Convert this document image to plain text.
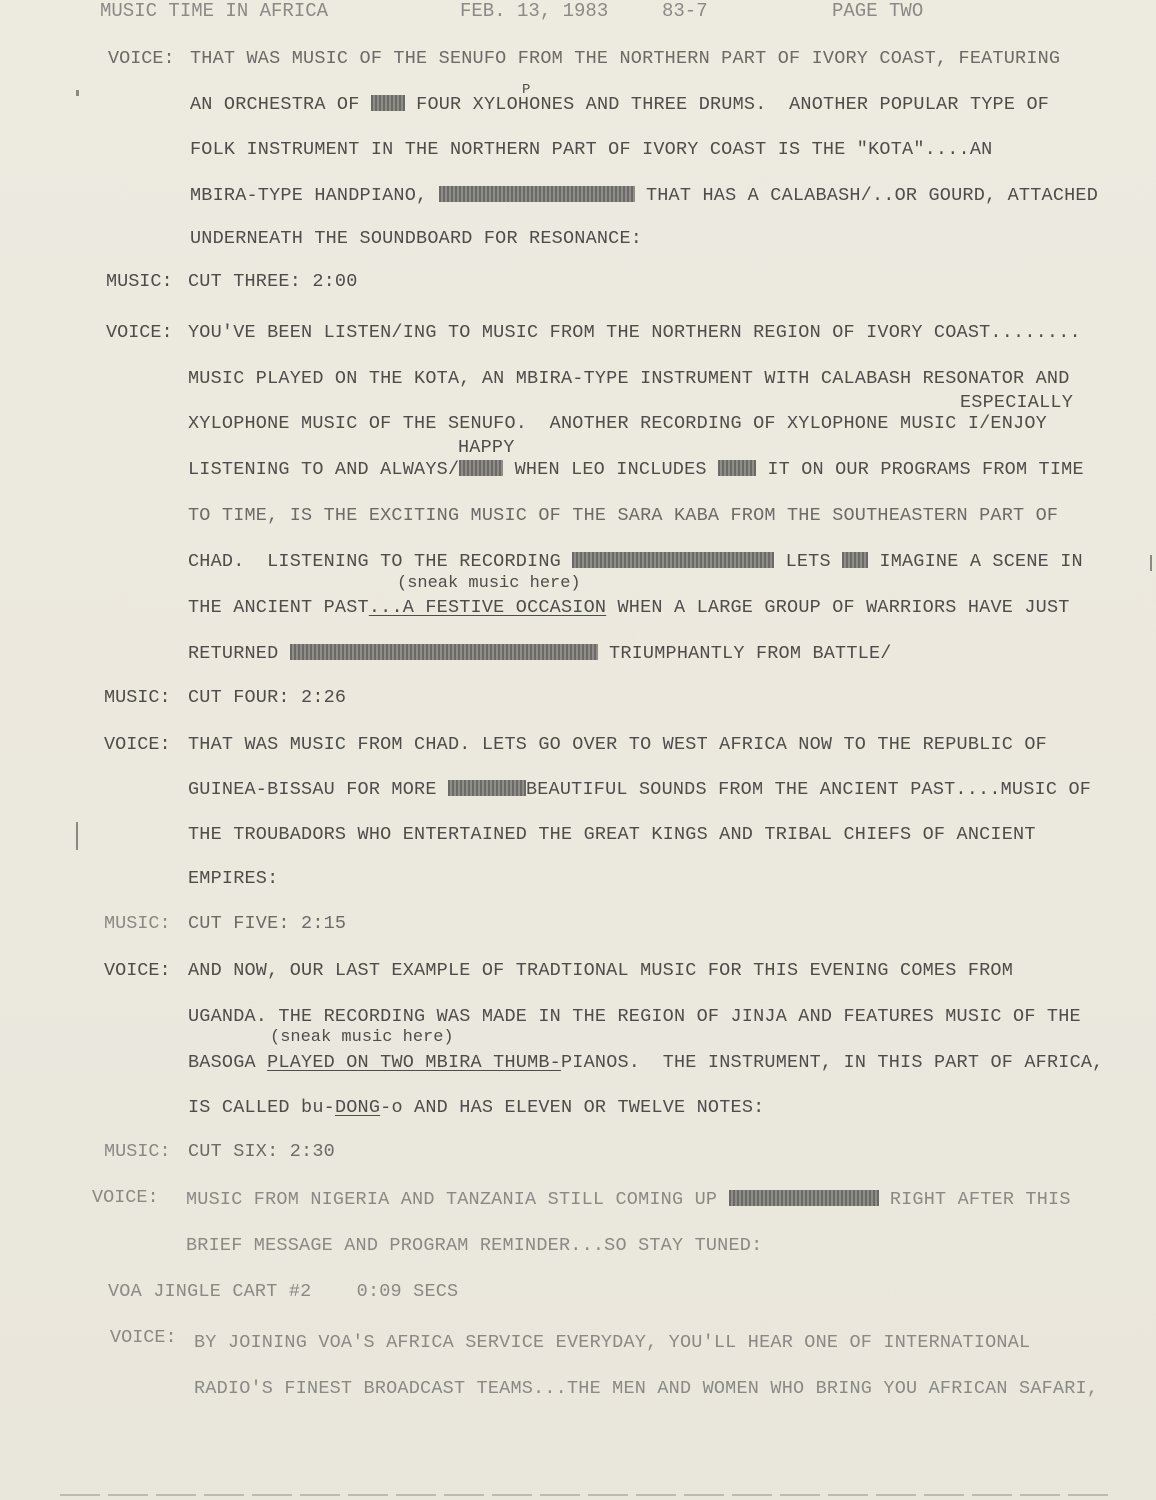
MUSIC TIME IN AFRICA	FEB. 13, 1983	83-7	PAGE TWO
VOICE: THAT WAS MUSIC OF THE SENUFO FROM THE NORTHERN PART OF IVORY COAST, FEATURING
P
AN ORCHESTRA OF  FOUR XYLOHONES AND THREE DRUMS.  ANOTHER POPULAR TYPE OF
FOLK INSTRUMENT IN THE NORTHERN PART OF IVORY COAST IS THE "KOTA"....AN
MBIRA-TYPE HANDPIANO,	THAT HAS A CALABASH/..OR GOURD, ATTACHED
UNDERNEATH THE SOUNDBOARD FOR RESONANCE:
MUSIC: CUT THREE: 2:00
VOICE: YOU'VE BEEN LISTEN/ING TO MUSIC FROM THE NORTHERN REGION OF IVORY COAST........
MUSIC PLAYED ON THE KOTA, AN MBIRA-TYPE INSTRUMENT WITH CALABASH RESONATOR AND
ESPECIALLY
XYLOPHONE MUSIC OF THE SENUFO.  ANOTHER RECORDING OF XYLOPHONE MUSIC I/ENJOY
HAPPY
LISTENING TO AND ALWAYS/	WHEN LEO INCLUDES	IT ON OUR PROGRAMS FROM TIME
TO TIME, IS THE EXCITING MUSIC OF THE SARA KABA FROM THE SOUTHEASTERN PART OF
CHAD.  LISTENING TO THE RECORDING	LETS  IMAGINE A SCENE IN
(sneak music here)
THE ANCIENT PAST...A FESTIVE OCCASION WHEN A LARGE GROUP OF WARRIORS HAVE JUST
RETURNED	TRIUMPHANTLY FROM BATTLE/
MUSIC: CUT FOUR: 2:26
VOICE: THAT WAS MUSIC FROM CHAD. LETS GO OVER TO WEST AFRICA NOW TO THE REPUBLIC OF
GUINEA-BISSAU FOR MORE	BEAUTIFUL SOUNDS FROM THE ANCIENT PAST....MUSIC OF
THE TROUBADORS WHO ENTERTAINED THE GREAT KINGS AND TRIBAL CHIEFS OF ANCIENT
EMPIRES:
MUSIC: CUT FIVE: 2:15
VOICE: AND NOW, OUR LAST EXAMPLE OF TRADTIONAL MUSIC FOR THIS EVENING COMES FROM
UGANDA. THE RECORDING WAS MADE IN THE REGION OF JINJA AND FEATURES MUSIC OF THE
(sneak music here)
BASOGA PLAYED ON TWO MBIRA THUMB-PIANOS.  THE INSTRUMENT, IN THIS PART OF AFRICA,
IS CALLED bu-DONG-o AND HAS ELEVEN OR TWELVE NOTES:
MUSIC: CUT SIX: 2:30
VOICE: MUSIC FROM NIGERIA AND TANZANIA STILL COMING UP	RIGHT AFTER THIS
BRIEF MESSAGE AND PROGRAM REMINDER...SO STAY TUNED:
VOA JINGLE CART #2    0:09 SECS
VOICE: BY JOINING VOA'S AFRICA SERVICE EVERYDAY, YOU'LL HEAR ONE OF INTERNATIONAL
RADIO'S FINEST BROADCAST TEAMS...THE MEN AND WOMEN WHO BRING YOU AFRICAN SAFARI,
